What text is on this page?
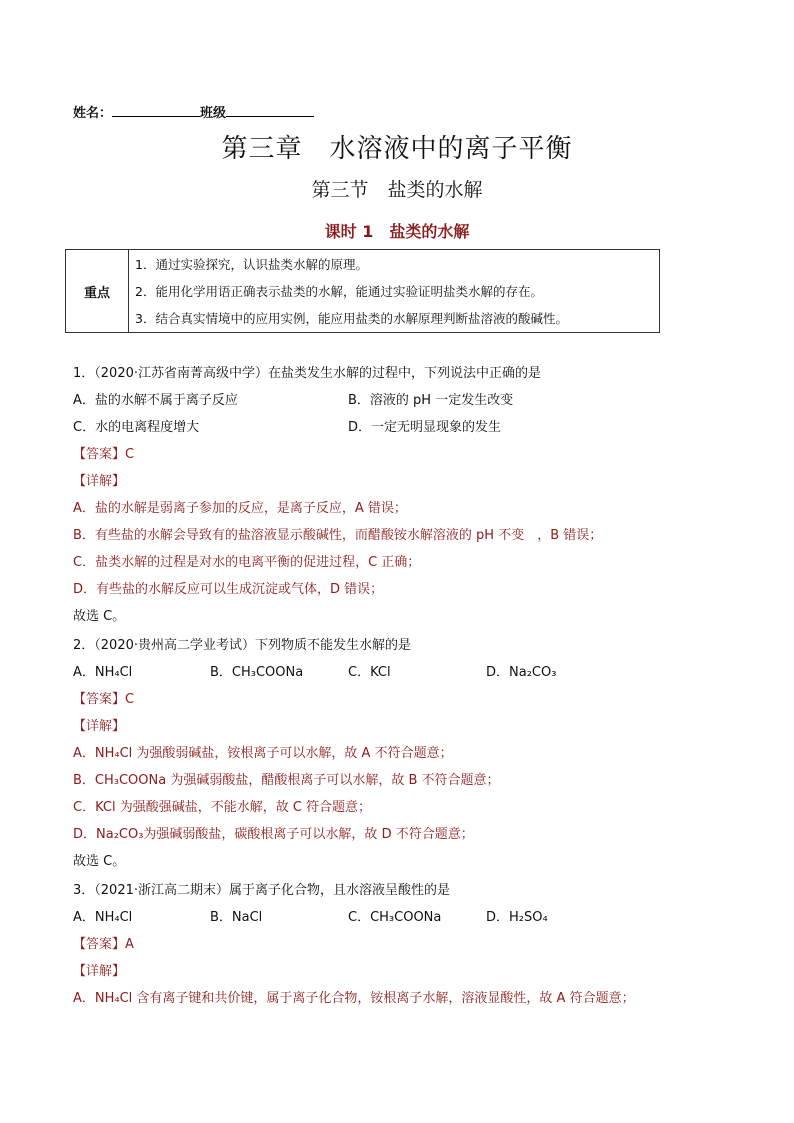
姓名：	班级
第三章　水溶液中的离子平衡
第三节　盐类的水解
课时 1　盐类的水解
重点	
1．通过实验探究，认识盐类水解的原理。
2．能用化学用语正确表示盐类的水解，能通过实验证明盐类水解的存在。
3．结合真实情境中的应用实例，能应用盐类的水解原理判断盐溶液的酸碱性。
1．（2020·江苏省南菁高级中学）在盐类发生水解的过程中，下列说法中正确的是
A．盐的水解不属于离子反应	B．溶液的 pH 一定发生改变
C．水的电离程度增大	D．一定无明显现象的发生
【答案】C
【详解】
A．盐的水解是弱离子参加的反应，是离子反应，A 错误；
B．有些盐的水解会导致有的盐溶液显示酸碱性，而醋酸铵水解溶液的 pH 不变　，B 错误；
C．盐类水解的过程是对水的电离平衡的促进过程，C 正确；
D．有些盐的水解反应可以生成沉淀或气体，D 错误；
故选 C。
2．（2020·贵州高二学业考试）下列物质不能发生水解的是
A．NH₄Cl	B．CH₃COONa	C．KCl	D．Na₂CO₃
【答案】C
【详解】
A．NH₄Cl 为强酸弱碱盐，铵根离子可以水解，故 A 不符合题意；
B．CH₃COONa 为强碱弱酸盐，醋酸根离子可以水解，故 B 不符合题意；
C．KCl 为强酸强碱盐，不能水解，故 C 符合题意；
D．Na₂CO₃为强碱弱酸盐，碳酸根离子可以水解，故 D 不符合题意；
故选 C。
3．（2021·浙江高二期末）属于离子化合物，且水溶液呈酸性的是
A．NH₄Cl	B．NaCl	C．CH₃COONa	D．H₂SO₄
【答案】A
【详解】
A．NH₄Cl 含有离子键和共价键，属于离子化合物，铵根离子水解，溶液显酸性，故 A 符合题意；
